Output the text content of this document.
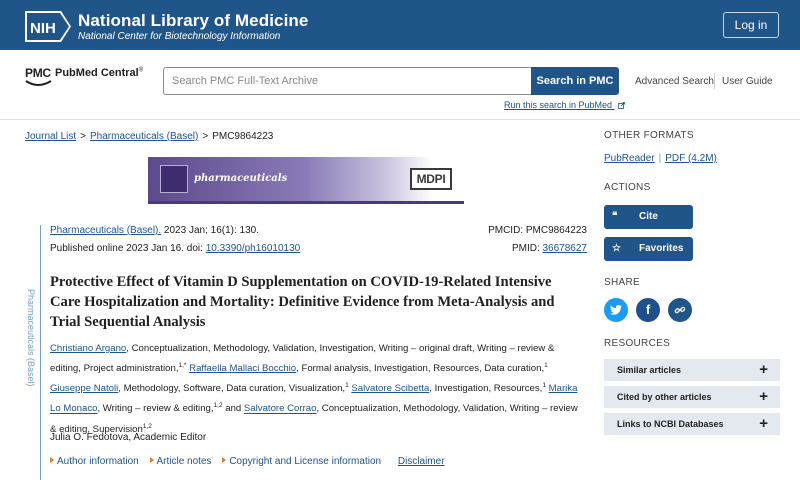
NIH National Library of Medicine
National Center for Biotechnology Information
Log in
PMC PubMed Central®
Search PMC Full-Text Archive	Search in PMC	Advanced Search User Guide
Run this search in PubMed
Journal List > Pharmaceuticals (Basel) > PMC9864223
pharmaceuticals	MDPI
Pharmaceuticals (Basel)
Pharmaceuticals (Basel). 2023 Jan; 16(1): 130.
Published online 2023 Jan 16. doi: 10.3390/ph16010130
PMCID: PMC9864223
PMID: 36678627
Protective Effect of Vitamin D Supplementation on COVID-19-Related Intensive Care Hospitalization and Mortality: Definitive Evidence from Meta-Analysis and Trial Sequential Analysis
Christiano Argano, Conceptualization, Methodology, Validation, Investigation, Writing – original draft, Writing – review & editing, Project administration,$^{1,*}$ Raffaella Mallaci Bocchio, Formal analysis, Investigation, Resources, Data curation,$^1$ Giuseppe Natoli, Methodology, Software, Data curation, Visualization,$^1$ Salvatore Scibetta, Investigation, Resources,$^1$ Marika Lo Monaco, Writing – review & editing,$^{1,2}$ and Salvatore Corrao, Conceptualization, Methodology, Validation, Writing – review & editing, Supervision$^{1,2}$
Julia O. Fedotova, Academic Editor
Author information Article notes Copyright and License information Disclaimer
OTHER FORMATS
PubReader | PDF (4.2M)
ACTIONS
❝ Cite
☆ Favorites
SHARE
f
RESOURCES
Similar articles	+
Cited by other articles	+
Links to NCBI Databases +
